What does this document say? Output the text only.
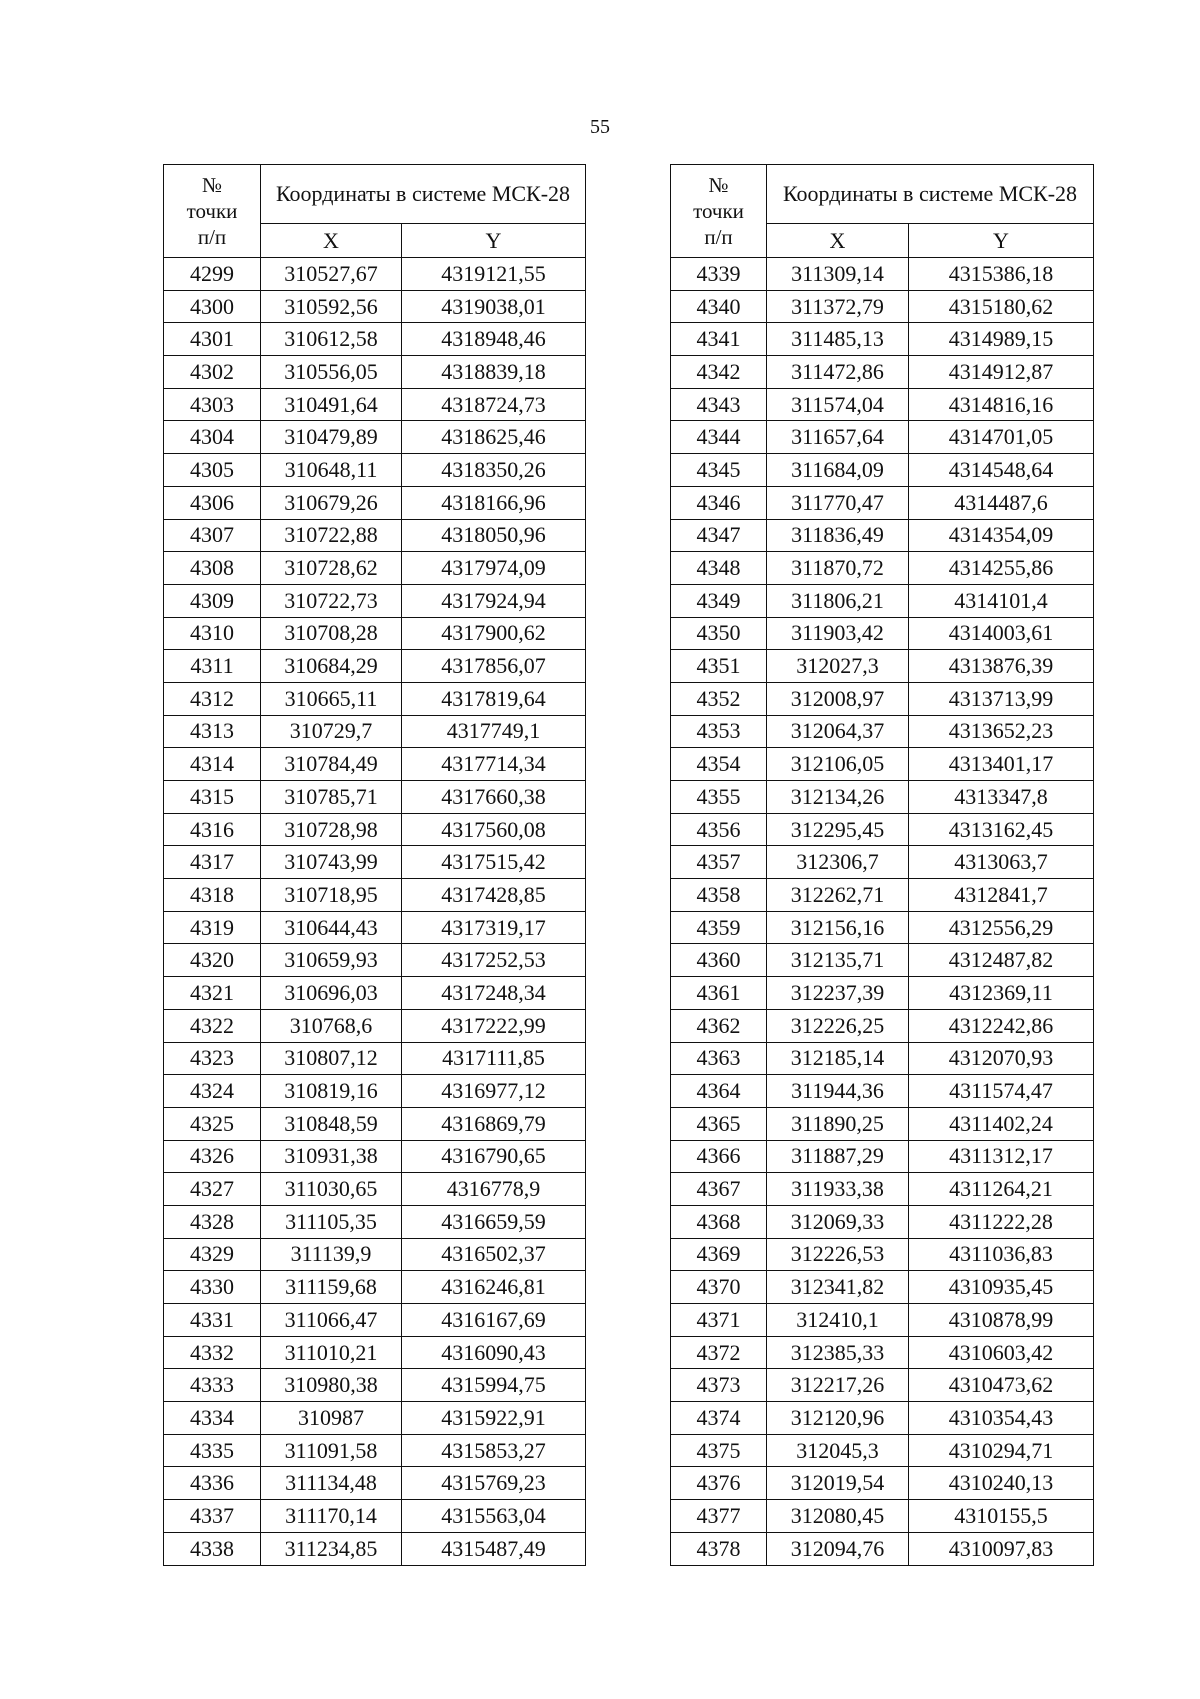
55
№
точки
п/п	Координаты в системе МСК-28	
	X	Y
4299	310527,67	4319121,55
4300	310592,56	4319038,01
4301	310612,58	4318948,46
4302	310556,05	4318839,18
4303	310491,64	4318724,73
4304	310479,89	4318625,46
4305	310648,11	4318350,26
4306	310679,26	4318166,96
4307	310722,88	4318050,96
4308	310728,62	4317974,09
4309	310722,73	4317924,94
4310	310708,28	4317900,62
4311	310684,29	4317856,07
4312	310665,11	4317819,64
4313	310729,7	4317749,1
4314	310784,49	4317714,34
4315	310785,71	4317660,38
4316	310728,98	4317560,08
4317	310743,99	4317515,42
4318	310718,95	4317428,85
4319	310644,43	4317319,17
4320	310659,93	4317252,53
4321	310696,03	4317248,34
4322	310768,6	4317222,99
4323	310807,12	4317111,85
4324	310819,16	4316977,12
4325	310848,59	4316869,79
4326	310931,38	4316790,65
4327	311030,65	4316778,9
4328	311105,35	4316659,59
4329	311139,9	4316502,37
4330	311159,68	4316246,81
4331	311066,47	4316167,69
4332	311010,21	4316090,43
4333	310980,38	4315994,75
4334	310987	4315922,91
4335	311091,58	4315853,27
4336	311134,48	4315769,23
4337	311170,14	4315563,04
4338	311234,85	4315487,49
№
точки
п/п	Координаты в системе МСК-28	
	X	Y
4339	311309,14	4315386,18
4340	311372,79	4315180,62
4341	311485,13	4314989,15
4342	311472,86	4314912,87
4343	311574,04	4314816,16
4344	311657,64	4314701,05
4345	311684,09	4314548,64
4346	311770,47	4314487,6
4347	311836,49	4314354,09
4348	311870,72	4314255,86
4349	311806,21	4314101,4
4350	311903,42	4314003,61
4351	312027,3	4313876,39
4352	312008,97	4313713,99
4353	312064,37	4313652,23
4354	312106,05	4313401,17
4355	312134,26	4313347,8
4356	312295,45	4313162,45
4357	312306,7	4313063,7
4358	312262,71	4312841,7
4359	312156,16	4312556,29
4360	312135,71	4312487,82
4361	312237,39	4312369,11
4362	312226,25	4312242,86
4363	312185,14	4312070,93
4364	311944,36	4311574,47
4365	311890,25	4311402,24
4366	311887,29	4311312,17
4367	311933,38	4311264,21
4368	312069,33	4311222,28
4369	312226,53	4311036,83
4370	312341,82	4310935,45
4371	312410,1	4310878,99
4372	312385,33	4310603,42
4373	312217,26	4310473,62
4374	312120,96	4310354,43
4375	312045,3	4310294,71
4376	312019,54	4310240,13
4377	312080,45	4310155,5
4378	312094,76	4310097,83
